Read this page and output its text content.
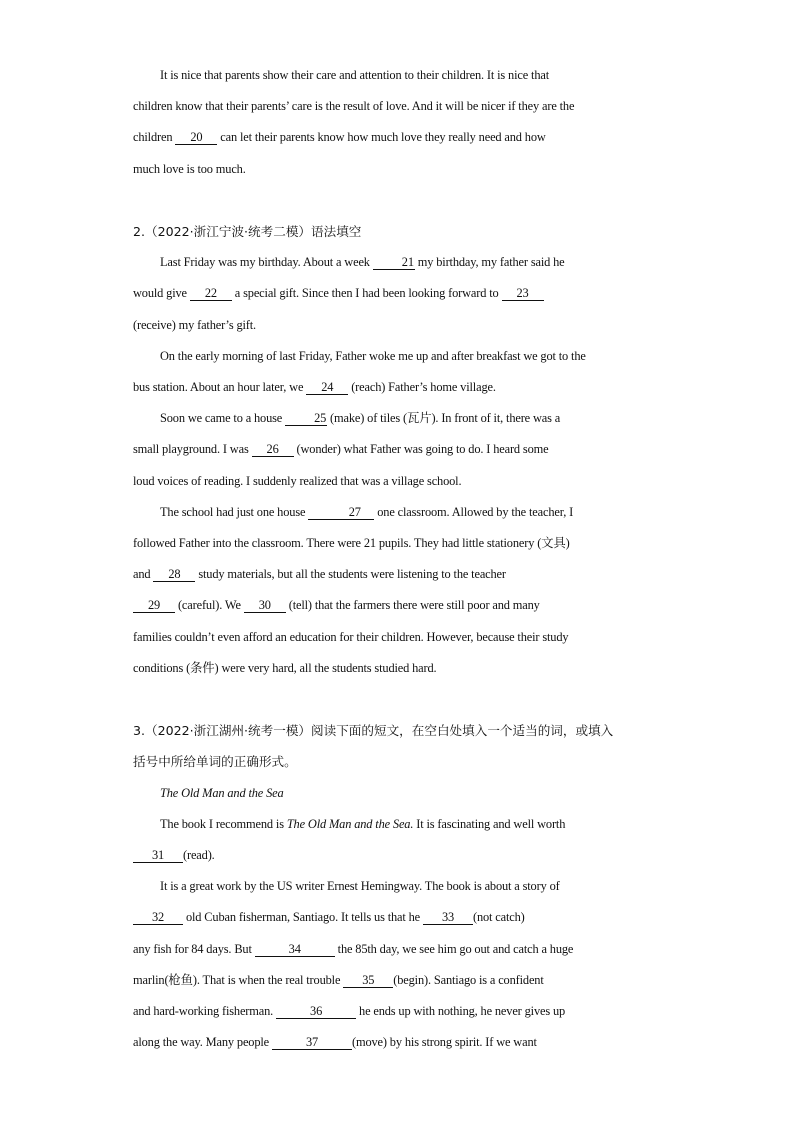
It is nice that parents show their care and attention to their children. It is nice that

children know that their parents’ care is the result of love. And it will be nicer if they are the

children 20 can let their parents know how much love they really need and how

much love is too much.

2.（2022·浙江宁波·统考二模）语法填空

Last Friday was my birthday. About a week 21 my birthday, my father said he

would give 22 a special gift. Since then I had been looking forward to 23

(receive) my father’s gift.

On the early morning of last Friday, Father woke me up and after breakfast we got to the

bus station. About an hour later, we 24 (reach) Father’s home village.

Soon we came to a house 25 (make) of tiles (瓦片). In front of it, there was a

small playground. I was 26 (wonder) what Father was going to do. I heard some

loud voices of reading. I suddenly realized that was a village school.

The school had just one house	27 one classroom. Allowed by the teacher, I

followed Father into the classroom. There were 21 pupils. They had little stationery (文具)

and 28 study materials, but all the students were listening to the teacher

29 (careful). We 30 (tell) that the farmers there were still poor and many

families couldn’t even afford an education for their children. However, because their study

conditions (条件) were very hard, all the students studied hard.

3.（2022·浙江湖州·统考一模）阅读下面的短文，在空白处填入一个适当的词，或填入

括号中所给单词的正确形式。

The Old Man and the Sea

The book I recommend is The Old Man and the Sea. It is fascinating and well worth

31 (read).

It is a great work by the US writer Ernest Hemingway. The book is about a story of

32 old Cuban fisherman, Santiago. It tells us that he 33 (not catch)

any fish for 84 days. But	34	the 85th day, we see him go out and catch a huge

marlin(枪鱼). That is when the real trouble 35 (begin). Santiago is a confident

and hard-working fisherman.	36	he ends up with nothing, he never gives up

along the way. Many people	37	(move) by his strong spirit. If we want
